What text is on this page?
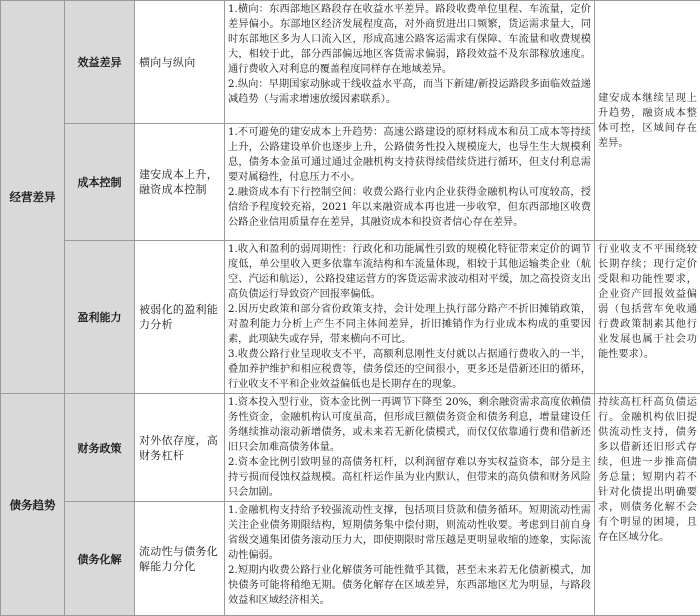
经营差异	效益差异	横向与纵向	1.横向：东西部地区路段存在收益水平差异。路段收费单位里程、车流量，定价差异偏小。东部地区经济发展程度高，对外商贸进出口频繁，货运需求量大，同时东部地区多为人口流入区，形成高速公路客运需求有保障、车流量和收费规模大，相较于此，部分西部偏远地区客货需求偏弱，路段效益不及东部稼放速度。通行费收入对利息的覆盖程度同样存在地域差异。
2.纵向：早期国家动脉或干线收益水平高，而当下新建/新投运路段多面临效益递减趋势（与需求增速放缓因素联系）。	建安成本继续呈现上升趋势，融资成本整体可控，区域间存在差异。
	成本控制	建安成本上升，融资成本控制	1.不可避免的建安成本上升趋势：高速公路建设的原材料成本和员工成本等持续上升，公路建设单价也逐步上升，公路债务性投入规模庞大，也导生生大规模利息，债务本金虽可通过通过金融机构支持获得续借续贷进行循环，但支付利息需要对属稳性，付息压力不小。
2.融资成本有下行控制空间：收费公路行业内企业获得金融机构认可度较高，授信给予程度较充裕，2021 年以来融资成本再也进一步收窄，但东西部地区收费公路企业信用质量存在差异，其融资成本和投资者信心存在差异。	

	盈利能力	被弱化的盈利能力分析	1.收入和盈利的弱周期性：行政化和功能属性引致的规模化特征带来定价的调节度低，单公里收入更多依靠车流结构和车流量体现，相较于其他运输类企业（航空、汽运和航运），公路投建运营方的客货运需求波动相对平缓，加之高投资支出高负债运行导致资产回报率偏低。
2.因历史政策和部分省份政策支持，会计处理上执行部分路产不折旧摊销政策，对盈利能力分析上产生不同主体间差异，折旧摊销作为行业成本构成的重要因素，此项缺失或存异，带来横向不可比。
3.收费公路行业呈现收支不平，高额利息刚性支付就以占据通行费收入的一半，叠加养护维护和相应税费等，债务偿还的空间很小，更多还是借新还旧的循环，行业收支不平和企业效益偏低也是长期存在的现象。	行业收支不平围绕较长期存续；现行定价受限和功能性要求，企业资产回报效益偏弱（包括营车免收通行费政策制素其他行业发展也属于社会功能性要求）。
债务趋势	财务政策	对外依存度，高财务杠杆	1.资本投入型行业，资本金比例一再调节下降至 20%，剩余融资需求高度依赖债务性资金，金融机构认可度虽高，但形成巨额债务资金和债务利息，增量建设任务继续推动滚动新增债务，或未来若无新化债模式，而仅仅依靠通行费和借新还旧只会加难高债务体量。
2.资本金比例引致明显的高债务杠杆，以利润留存难以夯实权益资本，部分是主持亏损而侵蚀权益规模。高杠杆运作虽为业内默认，但带来的高负债和财务风险只会加剧。	持续高杠杆高负债运行。金融机构依旧提供流动性支持，债务多以借新还旧形式存续，但进一步推高债务总量；短期内若不针对化债提出明确要求，则债务化解不会有个明显的困境，且存在区域分化。
	债务化解	流动性与债务化解能力分化	1.金融机构支持给予较强流动性支撑，包括项目贷款和债务循环。短期流动性需关注企业债务期限结构，短期债务集中偿付期，则流动性收要。考虑到目前自身省级交通集团债务滚动压力大，即使期限时常压越是更明显收缩的迹象，实际流动性偏弱。
2.短期内收费公路行业化解债务可能性微乎其微，甚至未来若无化债新模式，加快债务可能将稍绝无期。债务化解存在区域差异，东西部地区尤为明显，与路段效益和区域经济相关。	
